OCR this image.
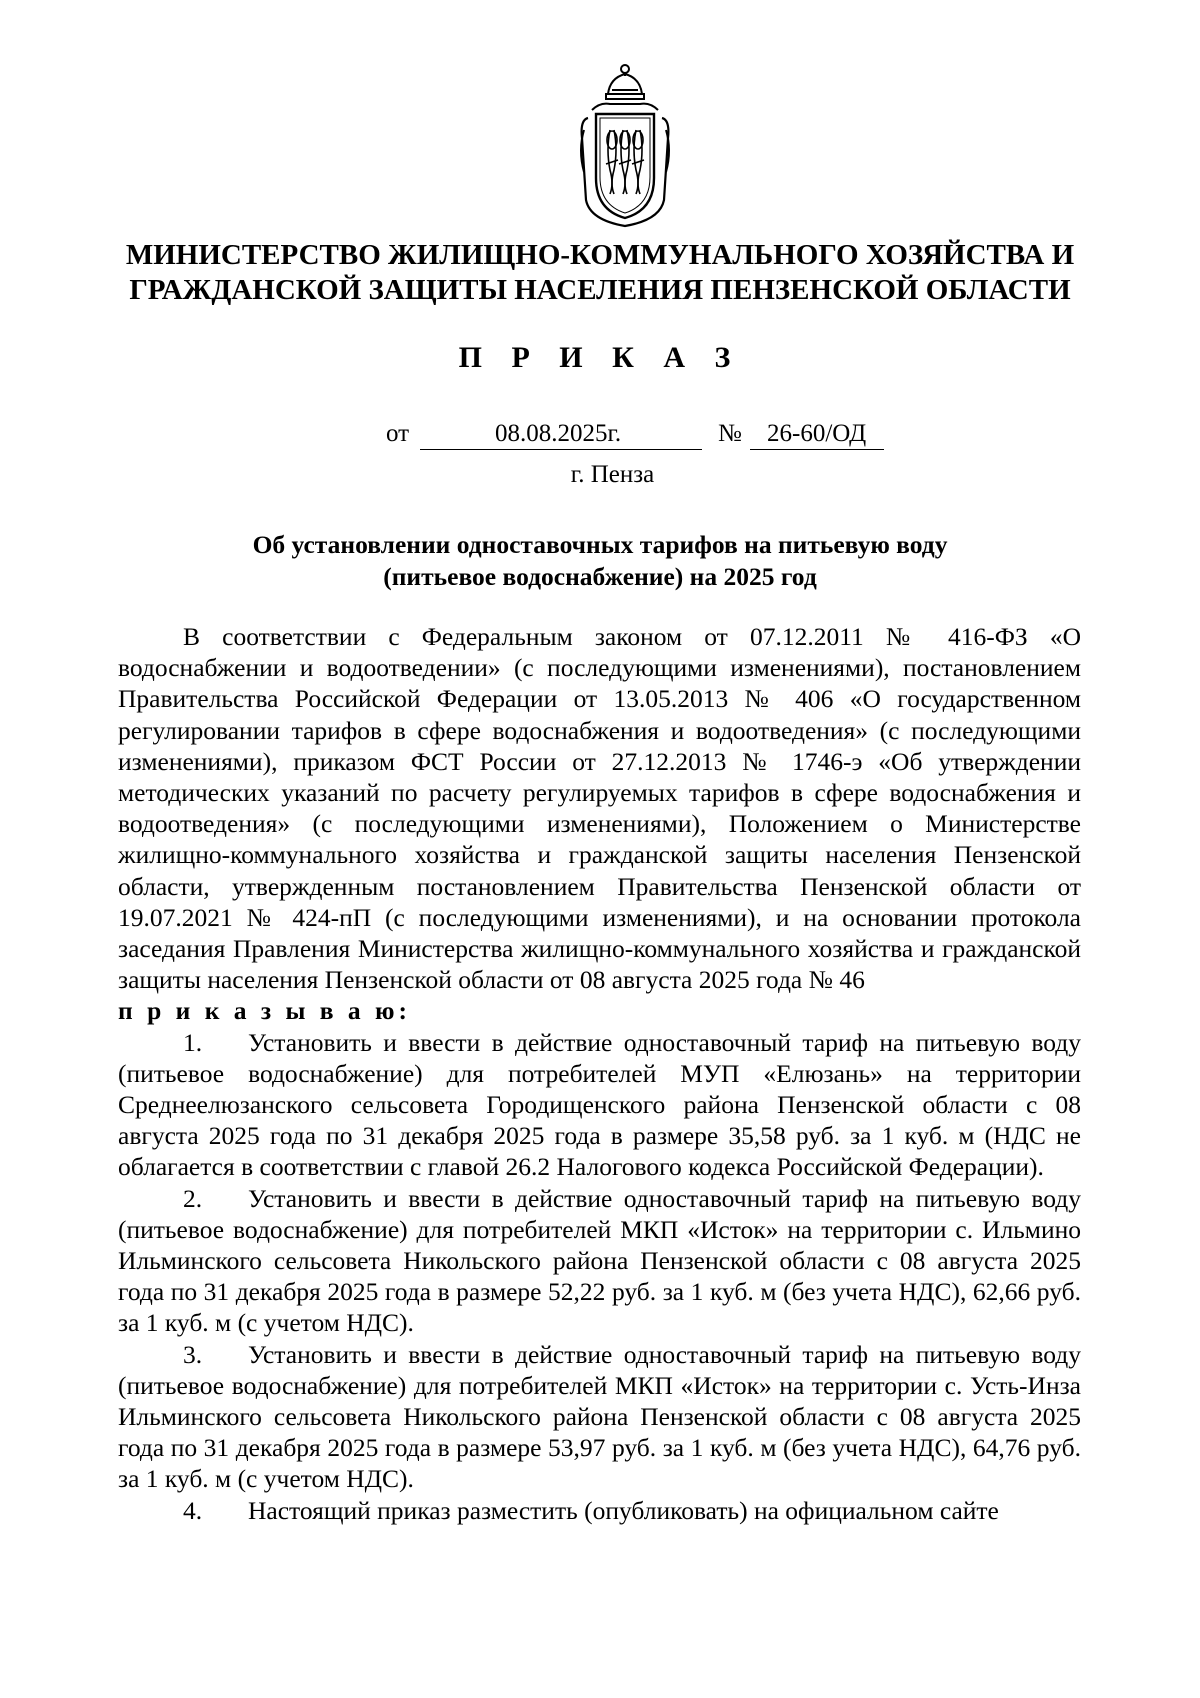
МИНИСТЕРСТВО ЖИЛИЩНО-КОММУНАЛЬНОГО ХОЗЯЙСТВА И
ГРАЖДАНСКОЙ ЗАЩИТЫ НАСЕЛЕНИЯ ПЕНЗЕНСКОЙ ОБЛАСТИ
П Р И К А З
от	08.08.2025г.	№ 26-60/ОД
г. Пенза
Об установлении одноставочных тарифов на питьевую воду
(питьевое водоснабжение) на 2025 год

В соответствии с Федеральным законом от 07.12.2011 № 416-ФЗ «О водоснабжении и водоотведении» (с последующими изменениями), постановлением Правительства Российской Федерации от 13.05.2013 № 406 «О государственном регулировании тарифов в сфере водоснабжения и водоотведения» (с последующими изменениями), приказом ФСТ России от 27.12.2013 № 1746-э «Об утверждении методических указаний по расчету регулируемых тарифов в сфере водоснабжения и водоотведения» (с последующими изменениями), Положением о Министерстве жилищно-коммунального хозяйства и гражданской защиты населения Пензенской области, утвержденным постановлением Правительства Пензенской области от 19.07.2021 № 424-пП (с последующими изменениями), и на основании протокола заседания Правления Министерства жилищно-коммунального хозяйства и гражданской защиты населения Пензенской области от 08 августа 2025 года № 46

п р и к а з ы в а ю:

1. Установить и ввести в действие одноставочный тариф на питьевую воду (питьевое водоснабжение) для потребителей МУП «Елюзань» на территории Среднеелюзанского сельсовета Городищенского района Пензенской области с 08 августа 2025 года по 31 декабря 2025 года в размере 35,58 руб. за 1 куб. м (НДС не облагается в соответствии с главой 26.2 Налогового кодекса Российской Федерации).

2. Установить и ввести в действие одноставочный тариф на питьевую воду (питьевое водоснабжение) для потребителей МКП «Исток» на территории с. Ильмино Ильминского сельсовета Никольского района Пензенской области с 08 августа 2025 года по 31 декабря 2025 года в размере 52,22 руб. за 1 куб. м (без учета НДС), 62,66 руб. за 1 куб. м (с учетом НДС).

3. Установить и ввести в действие одноставочный тариф на питьевую воду (питьевое водоснабжение) для потребителей МКП «Исток» на территории с. Усть-Инза Ильминского сельсовета Никольского района Пензенской области с 08 августа 2025 года по 31 декабря 2025 года в размере 53,97 руб. за 1 куб. м (без учета НДС), 64,76 руб. за 1 куб. м (с учетом НДС).

4. Настоящий приказ разместить (опубликовать) на официальном сайте
